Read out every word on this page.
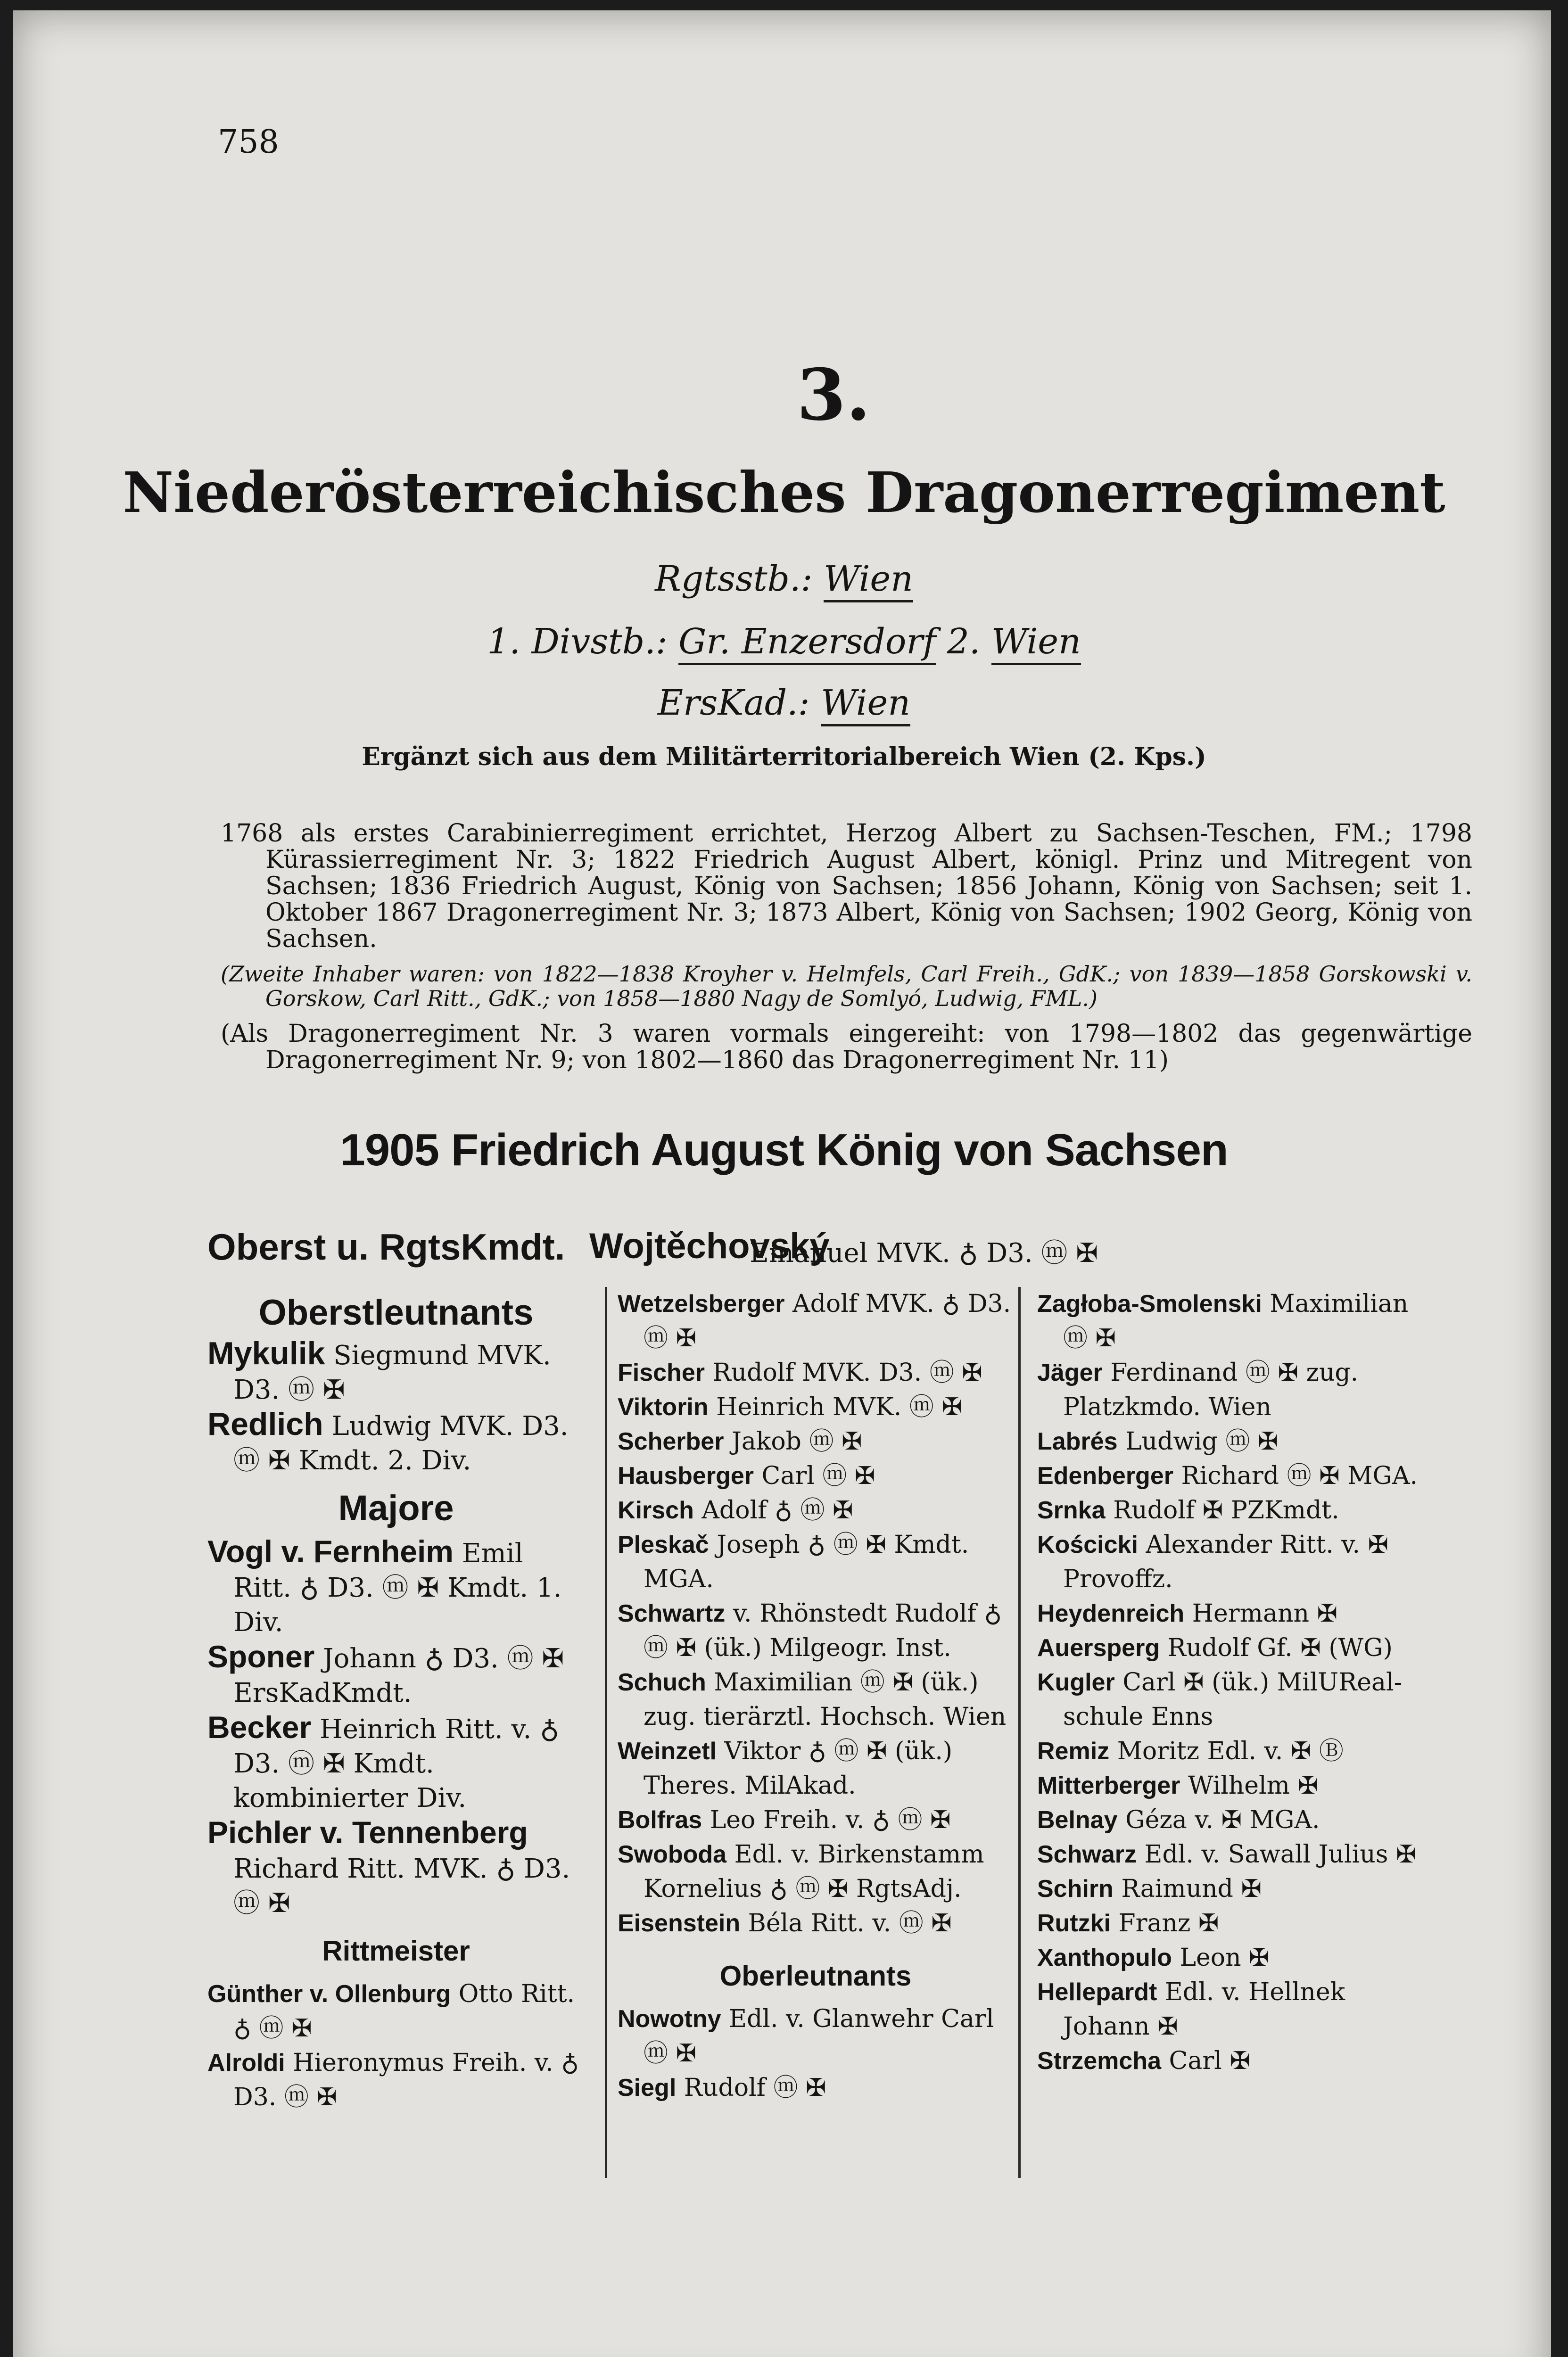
758
3.
Niederösterreichisches Dragonerregiment
Rgtsstb.: Wien
1. Divstb.: Gr. Enzersdorf 2. Wien
ErsKad.: Wien
Ergänzt sich aus dem Militärterritorialbereich Wien (2. Kps.)
1768 als erstes Carabinierregiment errichtet, Herzog Albert zu Sachsen-Teschen, FM.; 1798 Kürassierregiment Nr. 3; 1822 Friedrich August Albert, königl. Prinz und Mitregent von Sachsen; 1836 Friedrich August, König von Sachsen; 1856 Johann, König von Sachsen; seit 1. Oktober 1867 Dragonerregiment Nr. 3; 1873 Albert, König von Sachsen; 1902 Georg, König von Sachsen.
(Zweite Inhaber waren: von 1822—1838 Kroyher v. Helmfels, Carl Freih., GdK.; von 1839—1858 Gorskowski v. Gorskow, Carl Ritt., GdK.; von 1858—1880 Nagy de Somlyó, Ludwig, FML.)
(Als Dragonerregiment Nr. 3 waren vormals eingereiht: von 1798—1802 das gegenwärtige Dragonerregiment Nr. 9; von 1802—1860 das Dragonerregiment Nr. 11)
1905 Friedrich August König von Sachsen
Oberst u. RgtsKmdt. Wojtěchovský
Emanuel MVK. ♁ D3. ⓜ ✠

Oberstleutnants

Mykulik Siegmund MVK. D3. ⓜ ✠

Redlich Ludwig MVK. D3. ⓜ ✠ Kmdt. 2. Div.

Majore

Vogl v. Fernheim Emil Ritt. ♁ D3. ⓜ ✠ Kmdt. 1. Div.

Sponer Johann ♁ D3. ⓜ ✠ ErsKadKmdt.

Becker Heinrich Ritt. v. ♁ D3. ⓜ ✠ Kmdt. kombinierter Div.

Pichler v. Tennenberg Richard Ritt. MVK. ♁ D3. ⓜ ✠

Rittmeister

Günther v. Ollenburg Otto Ritt. ♁ ⓜ ✠

Alroldi Hieronymus Freih. v. ♁ D3. ⓜ ✠

Wetzelsberger Adolf MVK. ♁ D3. ⓜ ✠

Fischer Rudolf MVK. D3. ⓜ ✠

Viktorin Heinrich MVK. ⓜ ✠

Scherber Jakob ⓜ ✠

Hausberger Carl ⓜ ✠

Kirsch Adolf ♁ ⓜ ✠

Pleskač Joseph ♁ ⓜ ✠ Kmdt. MGA.

Schwartz v. Rhönstedt Rudolf ♁ ⓜ ✠ (ük.) Milgeogr. Inst.

Schuch Maximilian ⓜ ✠ (ük.) zug. tierärztl. Hochsch. Wien

Weinzetl Viktor ♁ ⓜ ✠ (ük.) Theres. MilAkad.

Bolfras Leo Freih. v. ♁ ⓜ ✠

Swoboda Edl. v. Birkenstamm Kornelius ♁ ⓜ ✠ RgtsAdj.

Eisenstein Béla Ritt. v. ⓜ ✠

Oberleutnants

Nowotny Edl. v. Glanwehr Carl ⓜ ✠

Siegl Rudolf ⓜ ✠

Zagłoba-Smolenski Maximilian ⓜ ✠

Jäger Ferdinand ⓜ ✠ zug. Platzkmdo. Wien

Labrés Ludwig ⓜ ✠

Edenberger Richard ⓜ ✠ MGA.

Srnka Rudolf ✠ PZKmdt.

Kościcki Alexander Ritt. v. ✠ Provoffz.

Heydenreich Hermann ✠

Auersperg Rudolf Gf. ✠ (WG)

Kugler Carl ✠ (ük.) MilUReal-schule Enns

Remiz Moritz Edl. v. ✠ Ⓑ

Mitterberger Wilhelm ✠

Belnay Géza v. ✠ MGA.

Schwarz Edl. v. Sawall Julius ✠

Schirn Raimund ✠

Rutzki Franz ✠

Xanthopulo Leon ✠

Hellepardt Edl. v. Hellnek Johann ✠

Strzemcha Carl ✠
